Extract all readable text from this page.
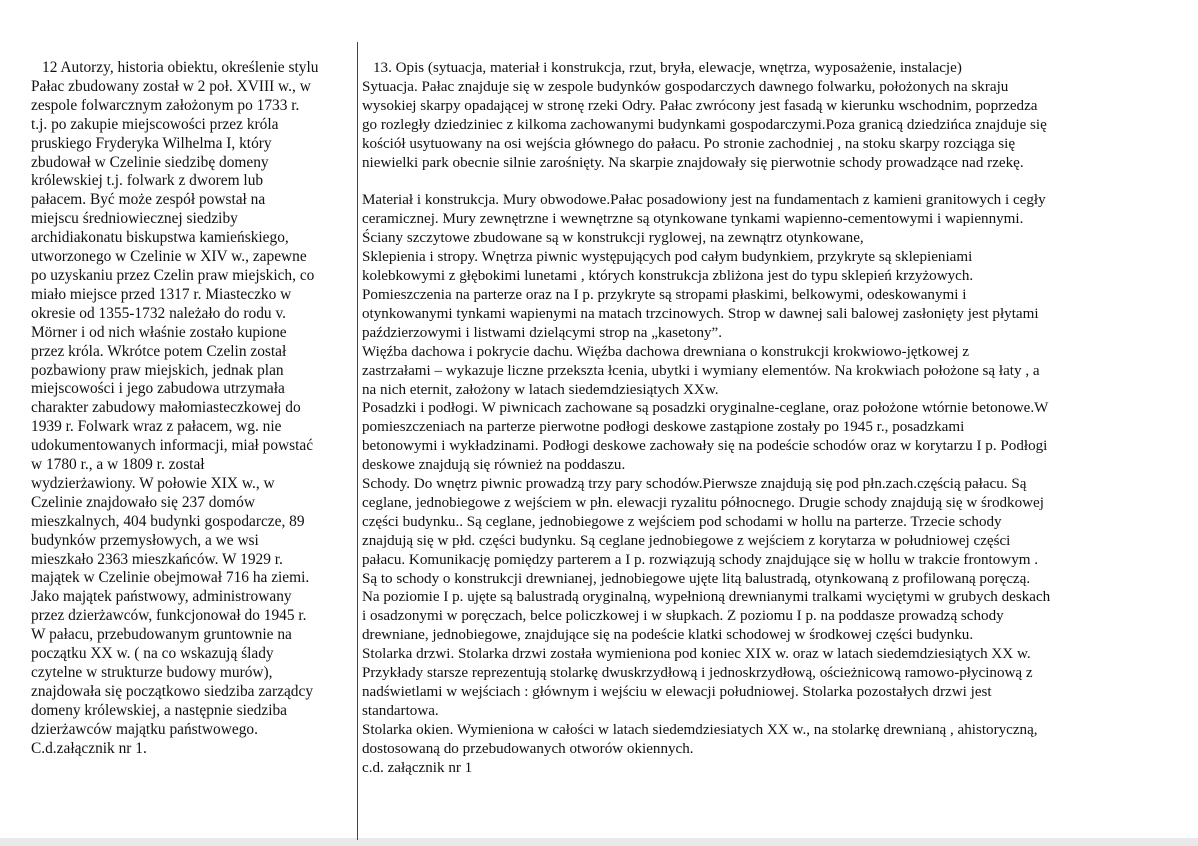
12 Autorzy, historia obiektu, określenie stylu
Pałac zbudowany został w 2 poł. XVIII w., w
zespole folwarcznym założonym po 1733 r.
t.j. po zakupie miejscowości przez króla
pruskiego Fryderyka Wilhelma I, który
zbudował w Czelinie siedzibę domeny
królewskiej t.j. folwark z dworem lub
pałacem. Być może zespół powstał na
miejscu średniowiecznej siedziby
archidiakonatu biskupstwa kamieńskiego,
utworzonego w Czelinie w XIV w., zapewne
po uzyskaniu przez Czelin praw miejskich, co
miało miejsce przed 1317 r. Miasteczko w
okresie od 1355-1732 należało do rodu v.
Mörner i od nich właśnie zostało kupione
przez króla. Wkrótce potem Czelin został
pozbawiony praw miejskich, jednak plan
miejscowości i jego zabudowa utrzymała
charakter zabudowy małomiasteczkowej do
1939 r. Folwark wraz z pałacem, wg. nie
udokumentowanych informacji, miał powstać
w 1780 r., a w 1809 r. został
wydzierżawiony. W połowie XIX w., w
Czelinie znajdowało się 237 domów
mieszkalnych, 404 budynki gospodarcze, 89
budynków przemysłowych, a we wsi
mieszkało 2363 mieszkańców. W 1929 r.
majątek w Czelinie obejmował 716 ha ziemi.
Jako majątek państwowy, administrowany
przez dzierżawców, funkcjonował do 1945 r.
W pałacu, przebudowanym gruntownie na
początku XX w. ( na co wskazują ślady
czytelne w strukturze budowy murów),
znajdowała się początkowo siedziba zarządcy
domeny królewskiej, a następnie siedziba
dzierżawców majątku państwowego.
C.d.załącznik nr 1.
13. Opis (sytuacja, materiał i konstrukcja, rzut, bryła, elewacje, wnętrza, wyposażenie, instalacje)
Sytuacja. Pałac znajduje się w zespole budynków gospodarczych dawnego folwarku, położonych na skraju
wysokiej skarpy opadającej w stronę rzeki Odry. Pałac zwrócony jest fasadą w kierunku wschodnim, poprzedza
go rozległy dziedziniec z kilkoma zachowanymi budynkami gospodarczymi.Poza granicą dziedzińca znajduje się
kościół usytuowany na osi wejścia głównego do pałacu. Po stronie zachodniej , na stoku skarpy rozciąga się
niewielki park obecnie silnie zarośnięty. Na skarpie znajdowały się pierwotnie schody prowadzące nad rzekę.
Materiał i konstrukcja. Mury obwodowe.Pałac posadowiony jest na fundamentach z kamieni granitowych i cegły
ceramicznej. Mury zewnętrzne i wewnętrzne są otynkowane tynkami wapienno-cementowymi i wapiennymi.
Ściany szczytowe zbudowane są w konstrukcji ryglowej, na zewnątrz otynkowane,
Sklepienia i stropy. Wnętrza piwnic występujących pod całym budynkiem, przykryte są sklepieniami
kolebkowymi z głębokimi lunetami , których konstrukcja zbliżona jest do typu sklepień krzyżowych.
Pomieszczenia na parterze oraz na I p. przykryte są stropami płaskimi, belkowymi, odeskowanymi i
otynkowanymi tynkami wapienymi na matach trzcinowych. Strop w dawnej sali balowej zasłonięty jest płytami
paździerzowymi i listwami dzielącymi strop na „kasetony”.
Więźba dachowa i pokrycie dachu. Więźba dachowa drewniana o konstrukcji krokwiowo-jętkowej z
zastrzałami – wykazuje liczne przekszta łcenia, ubytki i wymiany elementów. Na krokwiach położone są łaty , a
na nich eternit, założony w latach siedemdziesiątych XXw.
Posadzki i podłogi. W piwnicach zachowane są posadzki oryginalne-ceglane, oraz położone wtórnie betonowe.W
pomieszczeniach na parterze pierwotne podłogi deskowe zastąpione zostały po 1945 r., posadzkami
betonowymi i wykładzinami. Podłogi deskowe zachowały się na podeście schodów oraz w korytarzu I p. Podłogi
deskowe znajdują się również na poddaszu.
Schody. Do wnętrz piwnic prowadzą trzy pary schodów.Pierwsze znajdują się pod płn.zach.częścią pałacu. Są
ceglane, jednobiegowe z wejściem w płn. elewacji ryzalitu północnego. Drugie schody znajdują się w środkowej
części budynku.. Są ceglane, jednobiegowe z wejściem pod schodami w hollu na parterze. Trzecie schody
znajdują się w płd. części budynku. Są ceglane jednobiegowe z wejściem z korytarza w południowej części
pałacu. Komunikację pomiędzy parterem a I p. rozwiązują schody znajdujące się w hollu w trakcie frontowym .
Są to schody o konstrukcji drewnianej, jednobiegowe ujęte litą balustradą, otynkowaną z profilowaną poręczą.
Na poziomie I p. ujęte są balustradą oryginalną, wypełnioną drewnianymi tralkami wyciętymi w grubych deskach
i osadzonymi w poręczach, belce policzkowej i w słupkach. Z poziomu I p. na poddasze prowadzą schody
drewniane, jednobiegowe, znajdujące się na podeście klatki schodowej w środkowej części budynku.
Stolarka drzwi. Stolarka drzwi została wymieniona pod koniec XIX w. oraz w latach siedemdziesiątych XX w.
Przykłady starsze reprezentują stolarkę dwuskrzydłową i jednoskrzydłową, ościeżnicową ramowo-płycinową z
nadświetlami w wejściach : głównym i wejściu w elewacji południowej. Stolarka pozostałych drzwi jest
standartowa.
Stolarka okien. Wymieniona w całości w latach siedemdziesiatych XX w., na stolarkę drewnianą , ahistoryczną,
dostosowaną do przebudowanych otworów okiennych.
c.d. załącznik nr 1
